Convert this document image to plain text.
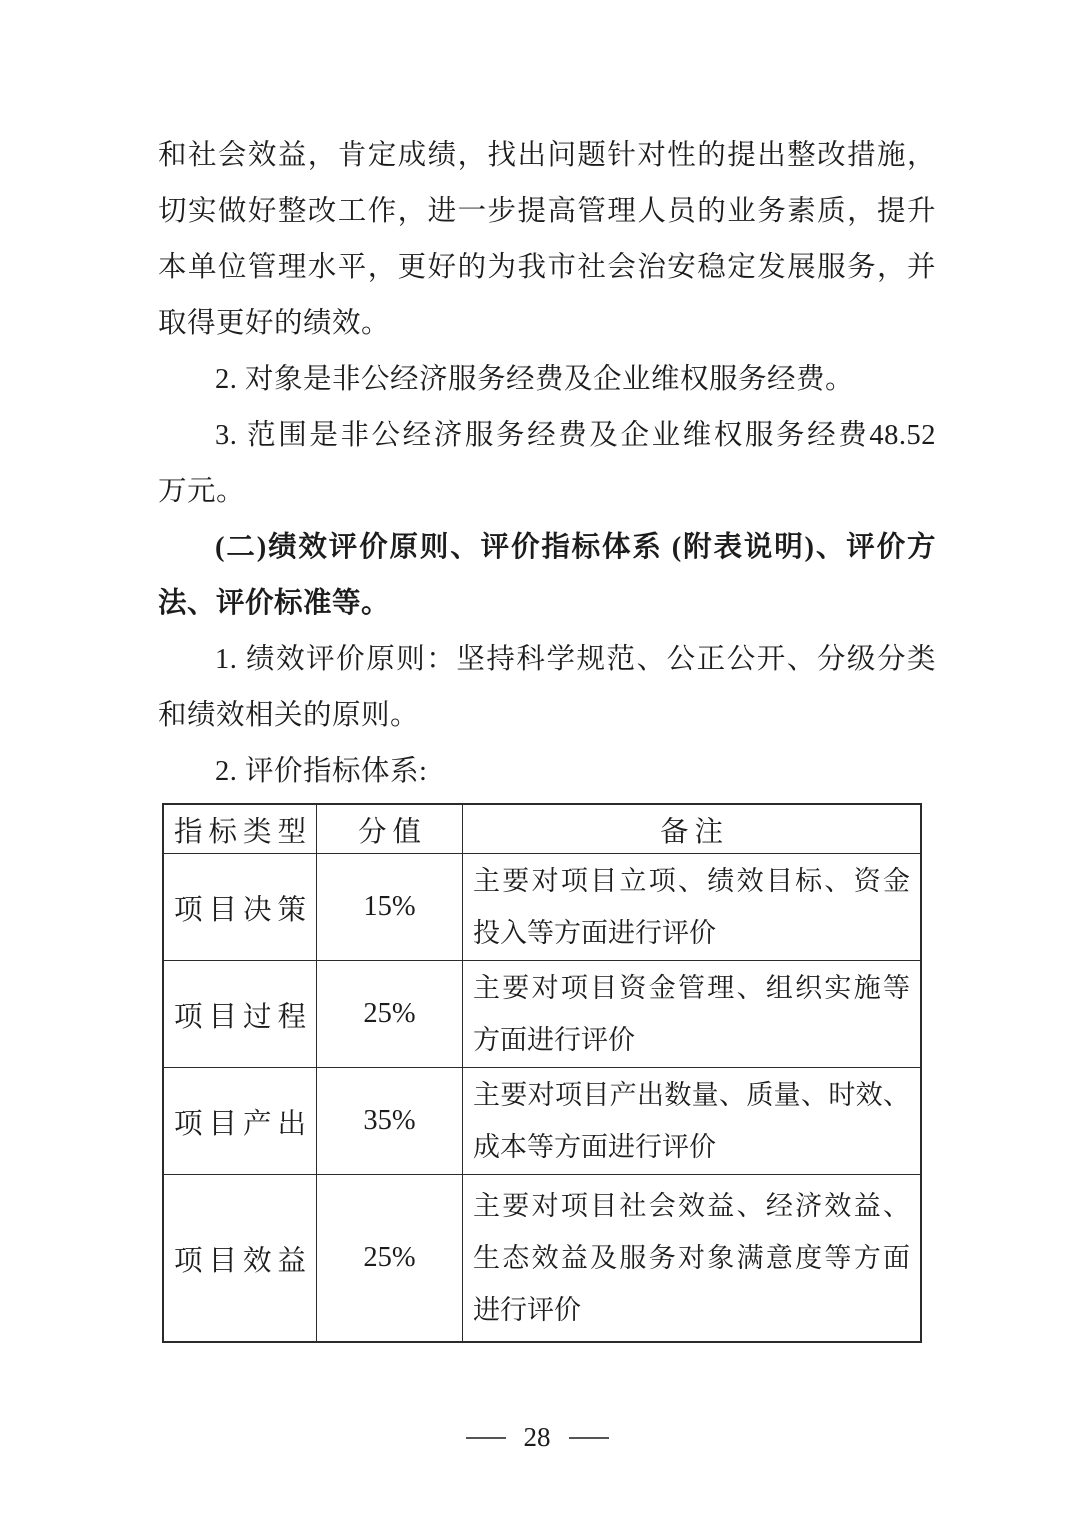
和社会效益，肯定成绩，找出问题针对性的提出整改措施，
切实做好整改工作，进一步提高管理人员的业务素质，提升
本单位管理水平，更好的为我市社会治安稳定发展服务，并
取得更好的绩效。
2. 对象是非公经济服务经费及企业维权服务经费。
3. 范围是非公经济服务经费及企业维权服务经费48.52
万元。
(二)绩效评价原则、评价指标体系 (附表说明)、评价方
法、评价标准等。
1. 绩效评价原则：坚持科学规范、公正公开、分级分类
和绩效相关的原则。
2. 评价指标体系:
指标类型	分值	备注
项目决策	15%
主要对项目立项、绩效目标、资金
投入等方面进行评价
项目过程	25%
主要对项目资金管理、组织实施等
方面进行评价
项目产出	35%
主要对项目产出数量、质量、时效、
成本等方面进行评价
项目效益	25%
主要对项目社会效益、经济效益、
生态效益及服务对象满意度等方面
进行评价
28
